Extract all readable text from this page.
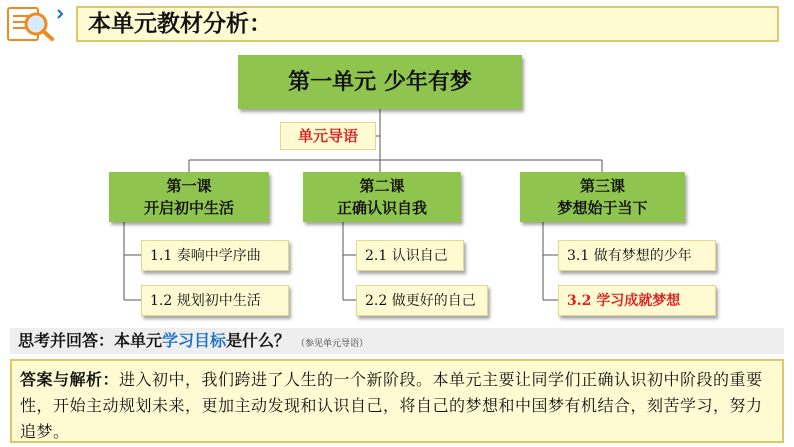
本单元教材分析：
第一单元 少年有梦
单元导语
第一课
开启初中生活
第二课
正确认识自我
第三课
梦想始于当下
1.1 奏响中学序曲
1.2 规划初中生活
2.1 认识自己
2.2 做更好的自己
3.1 做有梦想的少年
3.2 学习成就梦想
思考并回答：本单元学习目标是什么？ （参见单元导语）
答案与解析：进入初中，我们跨进了人生的一个新阶段。本单元主要让同学们正确认识初中阶段的重要性，开始主动规划未来，更加主动发现和认识自己，将自己的梦想和中国梦有机结合，刻苦学习，努力追梦。
